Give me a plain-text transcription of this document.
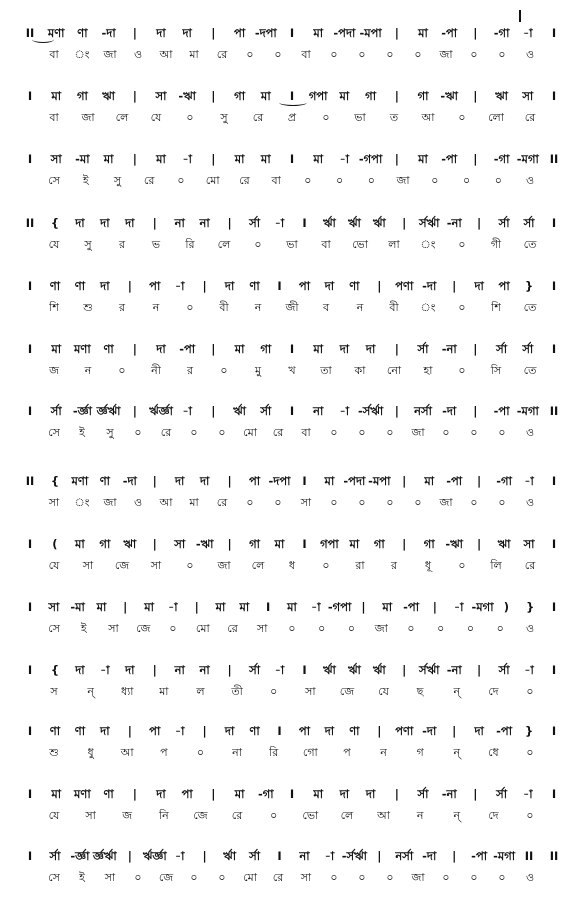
II মণা ণা -দা | দা দা | পা -দপা I মা -পদা -মপা | মা -পা | -গা -া I
বা ং জা ও আ মা রে ০ ০ বা ০ ০ ০ ০ জা ০ ০ ও
I মা গা ঋা | সা -ঋা | গা মা I গপা মা গা | গা -ঋা | ঋা সা I
বা জা লে যে ০ সু রে প্র ০ ভা ত আ ০ লো রে
I সা -মা মা | মা -া | মা মা I মা -া -গপা | মা -পা | -গা -মগা II
সে ই সু রে ০ মো রে বা ০ ০ ০ জা ০ ০ ০ ও
II { দা দা দা | না না | র্সা -া I র্ঋা র্ঋা র্ঋা | র্সর্ঋা -না | র্সা র্সা I
যে সু র ভ রি লে ০ ভা বা ভো লা ং ০ গী তে
I ণা ণা দা | পা -া | দা ণা I পা দা ণা | পণা -দা | দা পা } I
শি শু র	ন ০ বী ন জী ব	ন বী ং ০ শি তে
I মা মণা ণা | দা -পা | মা গা I মা দা দা | র্সা -না | র্সা র্সা I
জ ন ০ নী র ০ মু খ তা কা নো হা ০ সি তে
I র্সা -র্জ্ঞা র্জ্ঞর্ঋা | র্ঋর্জ্ঞা -া | র্ঋা র্সা I না -া -র্সর্ঋা | নর্সা -দা | -পা -মগা II
সে ই সু ০ রে ০ ০ মো রে বা ০ ০ ০ জা ০ ০ ০ ও
II { মণা ণা -দা | দা দা | পা -দপা I মা -পদা -মপা | মা -পা | -গা -া I
সা ং জা ও আ মা রে ০ ০ সা ০ ০ ০ ০ জা ০ ০ ও
I ( মা গা ঋা | সা -ঋা | গা মা I গপা মা গা | গা -ঋা | ঋা সা I
যে সা জে সা ০ জা লে ধ ০ রা র	ধূ ০ লি রে
I সা -মা মা | মা -া | মা মা I মা -া -গপা | মা -পা | -া -মগা ) } I
সে ই সা জে ০ মো রে সা ০ ০ ০ জা ০ ০ ০ ০ ও
I { দা -া দা | না না | র্সা -া I র্ঋা র্ঋা র্ঋা | র্সর্ঋা -না | র্সা -া I
স	ন্ ধ্যা মা	ল তী ০	সা জে যে	ছ	ন্	দে	০
I ণা ণা দা | পা -া | দা ণা I পা দা ণা | পণা -দা | দা -পা } I
শু	ধু আ প	০	না রি গো প	ন	গ	ন্	ধে	০
I মা মণা ণা | দা পা | মা -গা I মা দা দা | র্সা -না | র্সা -া I
যে সা জ নি জে রে	০ ভো লে আ ন	ন্	দে	০
I র্সা -র্জ্ঞা র্জ্ঞর্ঋা | র্ঋর্জ্ঞা -া | র্ঋা র্সা I না -া -র্সর্ঋা | নর্সা -দা | -পা -মগা II II
সে ই সা ০ জে ০ ০ মো রে সা ০ ০ ০ জা ০ ০ ০ ও
